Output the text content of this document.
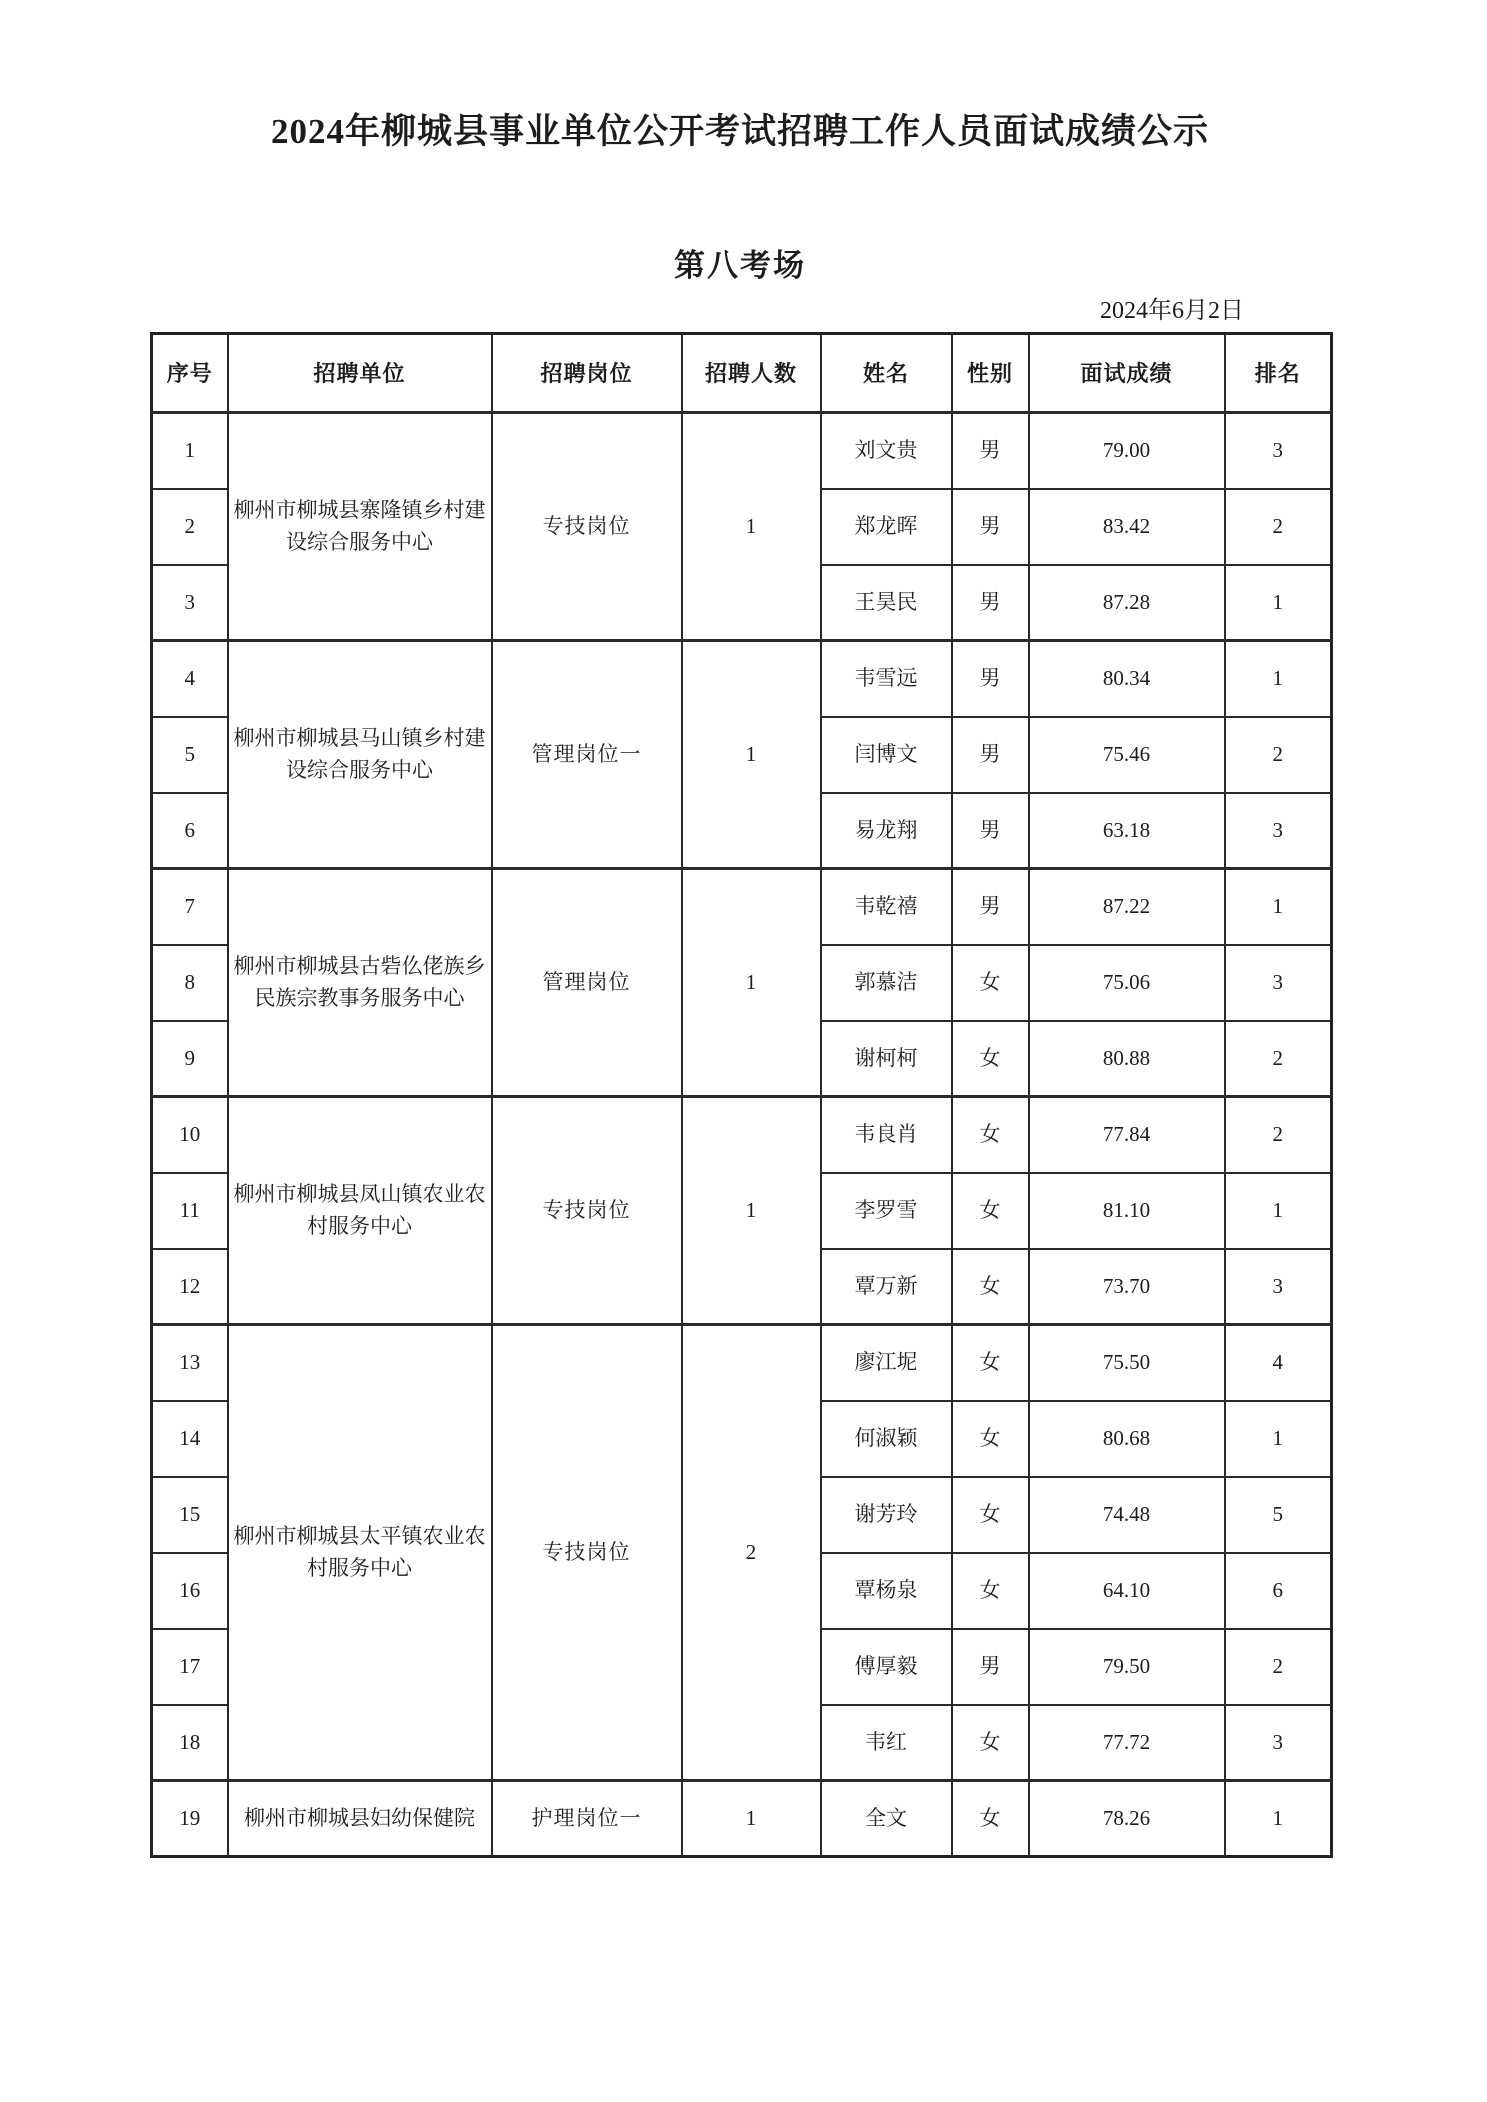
2024年柳城县事业单位公开考试招聘工作人员面试成绩公示
第八考场
2024年6月2日
序号	招聘单位	招聘岗位	招聘人数	姓名	性别	面试成绩	排名
1	柳州市柳城县寨隆镇乡村建设综合服务中心	专技岗位	1	刘文贵	男	79.00	3
2				郑龙晖	男	83.42	2
3				王昊民	男	87.28	1
4	柳州市柳城县马山镇乡村建设综合服务中心	管理岗位一	1	韦雪远	男	80.34	1
5				闫博文	男	75.46	2
6				易龙翔	男	63.18	3
7	柳州市柳城县古砦仫佬族乡民族宗教事务服务中心	管理岗位	1	韦乾禧	男	87.22	1
8				郭慕洁	女	75.06	3
9				谢柯柯	女	80.88	2
10	柳州市柳城县凤山镇农业农村服务中心	专技岗位	1	韦良肖	女	77.84	2
11				李罗雪	女	81.10	1
12				覃万新	女	73.70	3
13	柳州市柳城县太平镇农业农村服务中心	专技岗位	2	廖江坭	女	75.50	4
14				何淑颖	女	80.68	1
15				谢芳玲	女	74.48	5
16				覃杨泉	女	64.10	6
17				傅厚毅	男	79.50	2
18				韦红	女	77.72	3
19	柳州市柳城县妇幼保健院	护理岗位一	1	全文	女	78.26	1
